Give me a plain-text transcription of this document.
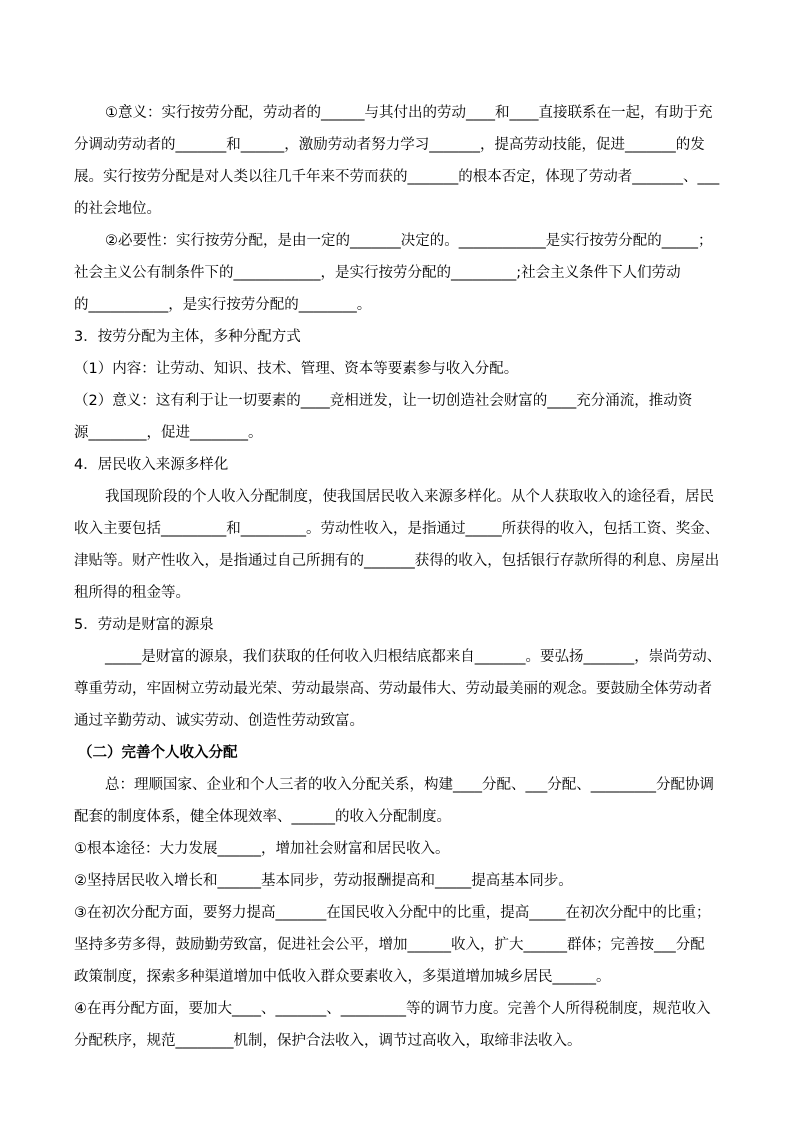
①意义：实行按劳分配，劳动者的______与其付出的劳动____和____直接联系在一起，有助于充
分调动劳动者的_______和______，激励劳动者努力学习_______，提高劳动技能，促进_______的发
展。实行按劳分配是对人类以往几千年来不劳而获的_______的根本否定，体现了劳动者_______、___
的社会地位。
②必要性：实行按劳分配，是由一定的_______决定的。____________是实行按劳分配的_____；
社会主义公有制条件下的____________，是实行按劳分配的_________;社会主义条件下人们劳动
的___________，是实行按劳分配的________。
3．按劳分配为主体，多种分配方式
（1）内容：让劳动、知识、技术、管理、资本等要素参与收入分配。
（2）意义：这有利于让一切要素的____竞相迸发，让一切创造社会财富的____充分涌流，推动资
源________，促进________。
4．居民收入来源多样化
我国现阶段的个人收入分配制度，使我国居民收入来源多样化。从个人获取收入的途径看，居民
收入主要包括_________和_________。劳动性收入，是指通过_____所获得的收入，包括工资、奖金、
津贴等。财产性收入，是指通过自己所拥有的_______获得的收入，包括银行存款所得的利息、房屋出
租所得的租金等。
5．劳动是财富的源泉
_____是财富的源泉，我们获取的任何收入归根结底都来自_______。要弘扬_______，崇尚劳动、
尊重劳动，牢固树立劳动最光荣、劳动最崇高、劳动最伟大、劳动最美丽的观念。要鼓励全体劳动者
通过辛勤劳动、诚实劳动、创造性劳动致富。
（二）完善个人收入分配
总：理顺国家、企业和个人三者的收入分配关系，构建____分配、___分配、_________分配协调
配套的制度体系，健全体现效率、______的收入分配制度。
①根本途径：大力发展______，增加社会财富和居民收入。
②坚持居民收入增长和______基本同步，劳动报酬提高和_____提高基本同步。
③在初次分配方面，要努力提高_______在国民收入分配中的比重，提高_____在初次分配中的比重；
坚持多劳多得，鼓励勤劳致富，促进社会公平，增加______收入，扩大______群体；完善按___分配
政策制度，探索多种渠道增加中低收入群众要素收入，多渠道增加城乡居民______。
④在再分配方面，要加大____、_______、_________等的调节力度。完善个人所得税制度，规范收入
分配秩序，规范________机制，保护合法收入，调节过高收入，取缔非法收入。
